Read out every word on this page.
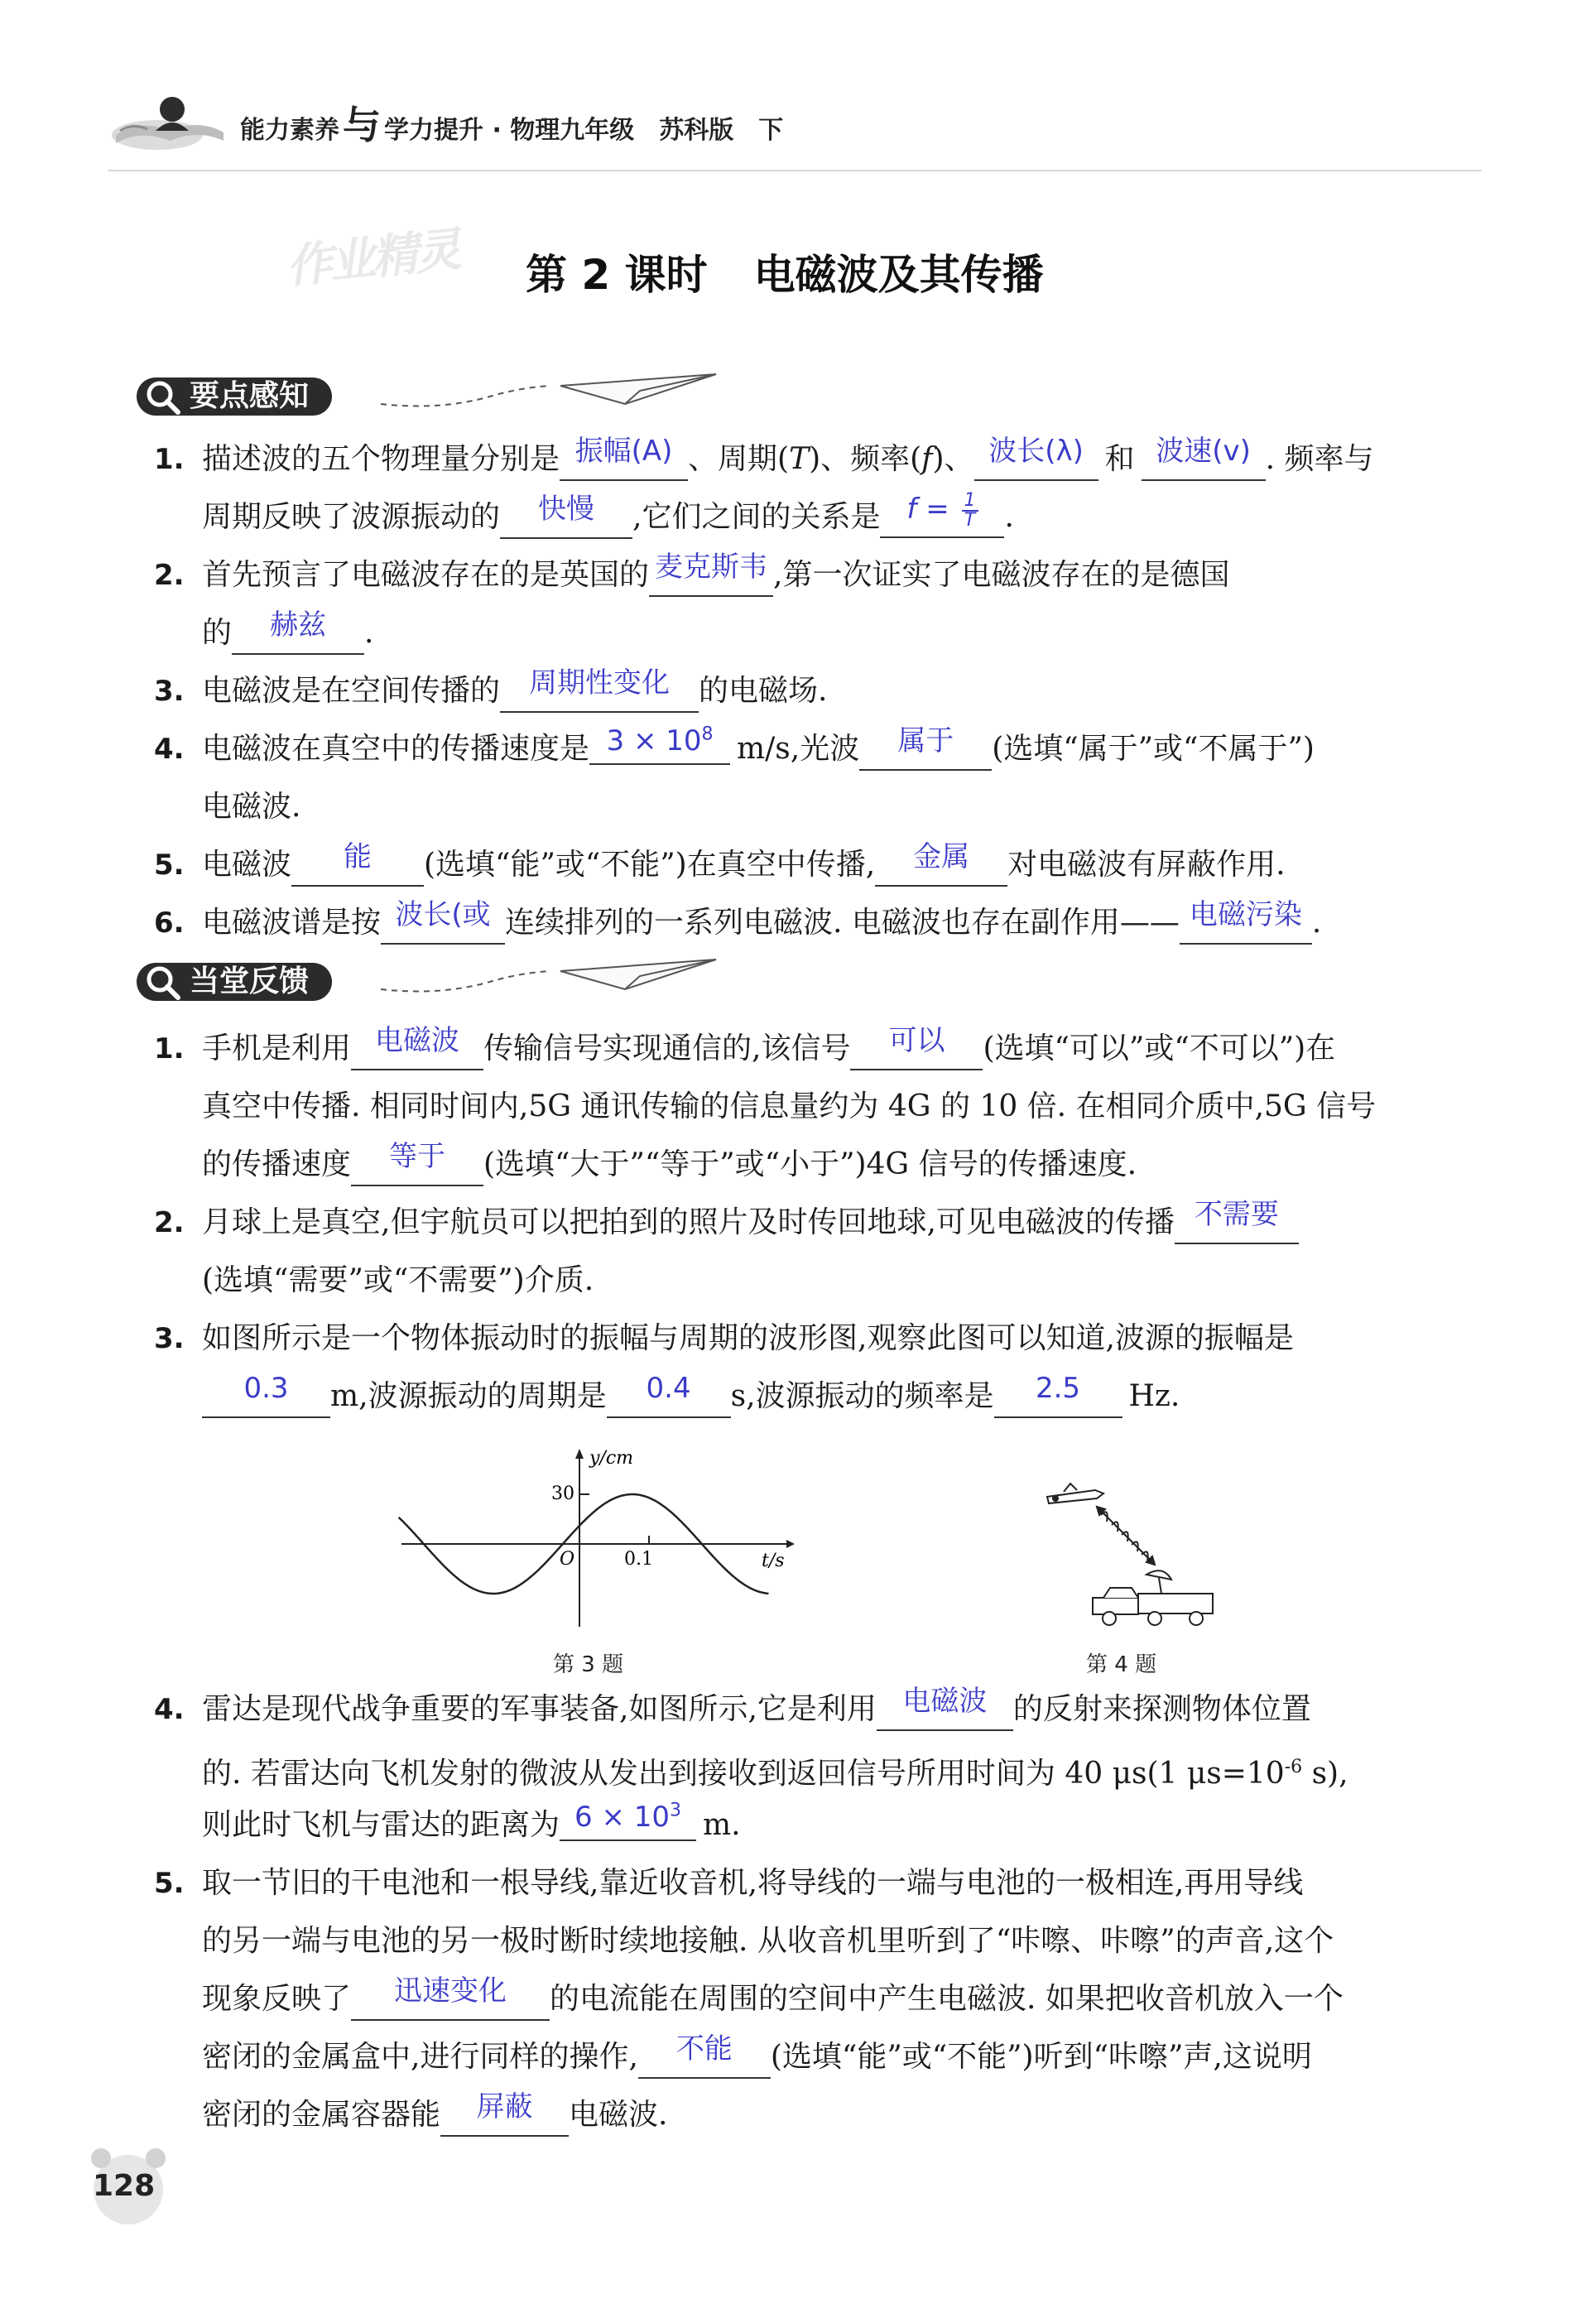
能力素养与 学力提升 · 物理九年级 苏科版 下
作业精灵 第 2 课时 电磁波及其传播
要点感知
1. 描述波的五个物理量分别是 振幅(A) 、周期(T)、频率(f)、 波长(λ) 和 波速(v) . 频率与
周期反映了波源振动的 快慢 ,它们之间的关系是 $f = \frac{1}{T}$ .
2. 首先预言了电磁波存在的是英国的 麦克斯韦 ,第一次证实了电磁波存在的是德国
的 赫兹 .
3. 电磁波是在空间传播的 周期性变化 的电磁场.
4. 电磁波在真空中的传播速度是 $3 \times 10^8$ m/s,光波 属于 (选填“属于”或“不属于”)
电磁波.
5. 电磁波 能 (选填“能”或“不能”)在真空中传播, 金属 对电磁波有屏蔽作用.
6. 电磁波谱是按 波长(或 连续排列的一系列电磁波. 电磁波也存在副作用—— 电磁污染 .
当堂反馈
1. 手机是利用 电磁波 传输信号实现通信的,该信号 可以 (选填“可以”或“不可以”)在
真空中传播. 相同时间内,5G 通讯传输的信息量约为 4G 的 10 倍. 在相同介质中,5G 信号
的传播速度 等于 (选填“大于”“等于”或“小于”)4G 信号的传播速度.
2. 月球上是真空,但宇航员可以把拍到的照片及时传回地球,可见电磁波的传播 不需要
(选填“需要”或“不需要”)介质.
3. 如图所示是一个物体振动时的振幅与周期的波形图,观察此图可以知道,波源的振幅是
0.3 m,波源振动的周期是 0.4 s,波源振动的频率是 2.5 Hz.
y/cm
t/s
30
0.1
O
第 3 题	第 4 题
4. 雷达是现代战争重要的军事装备,如图所示,它是利用 电磁波 的反射来探测物体位置
的. 若雷达向飞机发射的微波从发出到接收到返回信号所用时间为 40 μs(1 $\mu s=10^{-6}$ s),
则此时飞机与雷达的距离为 $6 \times 10^3$ m.
5. 取一节旧的干电池和一根导线,靠近收音机,将导线的一端与电池的一极相连,再用导线
的另一端与电池的另一极时断时续地接触. 从收音机里听到了“咔嚓、咔嚓”的声音,这个
现象反映了 迅速变化 的电流能在周围的空间中产生电磁波. 如果把收音机放入一个
密闭的金属盒中,进行同样的操作, 不能 (选填“能”或“不能”)听到“咔嚓”声,这说明
密闭的金属容器能 屏蔽 电磁波.
128
